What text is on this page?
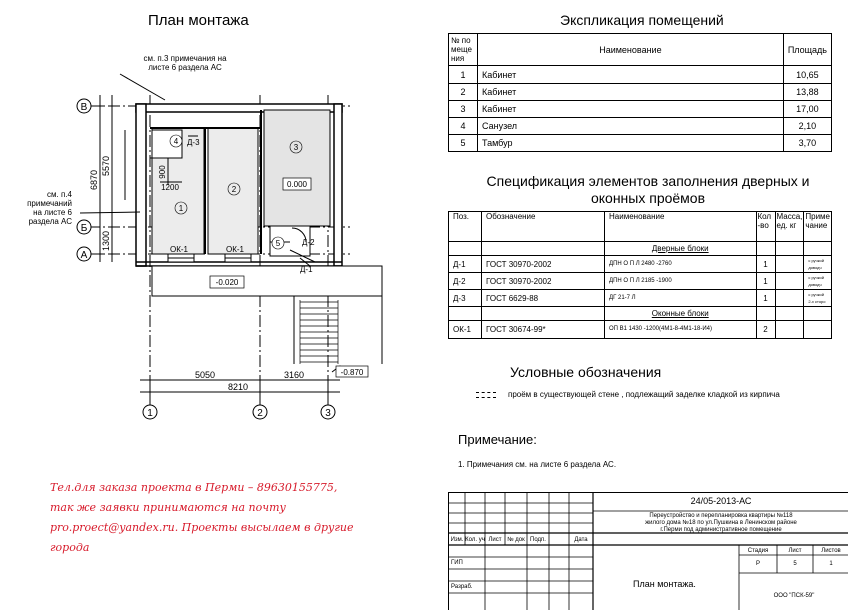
План монтажа
В
Б
А
1	2	3
6870
5570
1300
900
1200
5050	3160
8210
1
2
3
4
5
Д-3
Д-2
Д-1
ОК-1	ОК-1
0.000
-0.020
-0.870
см. п.3 примечания на
листе 6 раздела АС
см. п.4
примечаний
на листе 6
раздела АС
Экспликация помещений
№ по меще ния	Наименование	Площадь
1	Кабинет	10,65
2	Кабинет	13,88
3	Кабинет	17,00
4	Санузел	2,10
5	Тамбур	3,70
Спецификация элементов заполнения дверных и
оконных проёмов
Поз.	Обозначение	Наименование	Кол -во	Масса, ед. кг	Приме чание
		Дверные блоки			
Д-1	ГОСТ 30970-2002	ДПН О П Л 2480 -2760	1		с ручкой доводч
Д-2	ГОСТ 30970-2002	ДПН О П Л 2185 -1900	1		с ручкой доводч
Д-3	ГОСТ 6629-88	ДГ 21-7 Л	1		с ручкой 2-х сторо
		Оконные блоки			
ОК-1	ГОСТ 30674-99*	ОП В1 1430 -1200(4М1-8-4М1-18-И4)	2		
Условные обозначения
проём в существующей стене , подлежащий заделке кладкой из кирпича
Примечание:
1. Примечания см. на листе 6 раздела АС.
Тел.для заказа проекта в Перми – 89630155775,
так же заявки принимаются на почту
pro.proect@yandex.ru. Проекты высылаем в другие
города
24/05-2013-АС
Переустройство и перепланировка квартиры №118
жилого дома №18 по ул.Пушкина в Ленинском районе
г.Перми под административное помещение
Изм. Кол. уч Лист № док Подп.	Дата
ГИП
Разраб.
Стадия	Лист	Листов
Р	5	1
План монтажа.
ООО "ПСК-59"
